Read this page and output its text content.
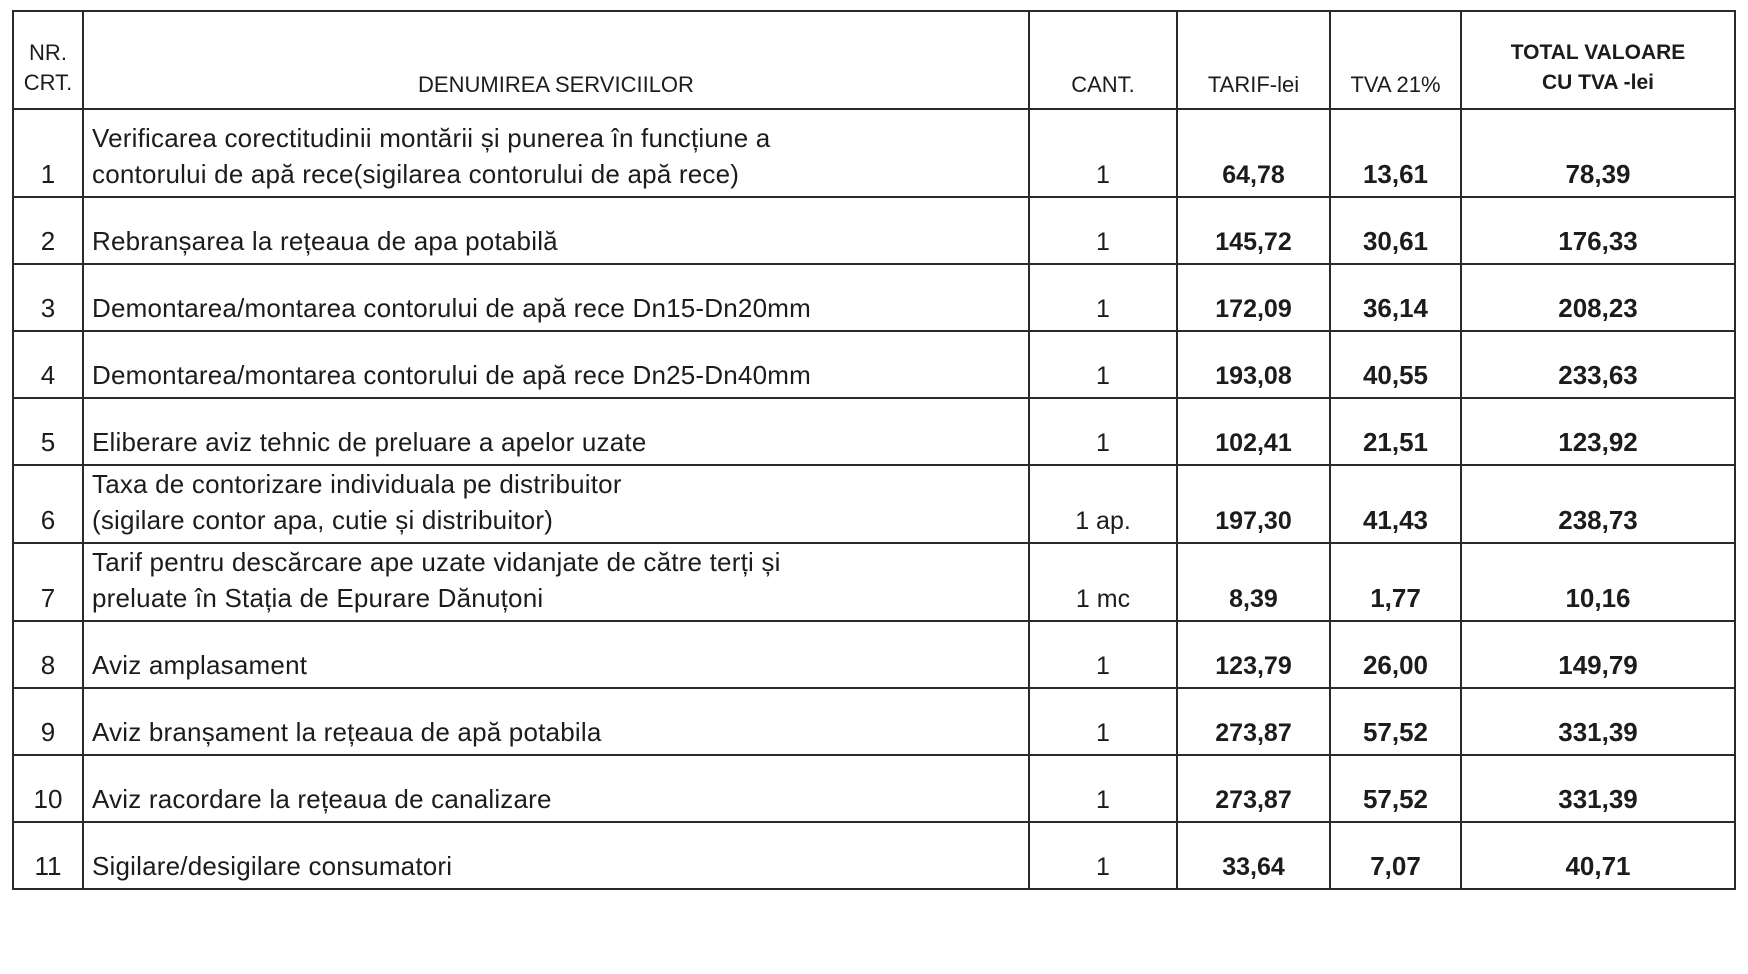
NR.
CRT.	DENUMIREA SERVICIILOR	CANT.	TARIF-lei	TVA 21%	TOTAL VALOARE
CU TVA -lei

1	Verificarea corectitudinii montării și punerea în funcțiune a
contorului de apă rece(sigilarea contorului de apă rece)	1	64,78	13,61	78,39
2	Rebranșarea la rețeaua de apa potabilă	1	145,72	30,61	176,33
3	Demontarea/montarea contorului de apă rece Dn15-Dn20mm	1	172,09	36,14	208,23
4	Demontarea/montarea contorului de apă rece Dn25-Dn40mm	1	193,08	40,55	233,63
5	Eliberare aviz tehnic de preluare a apelor uzate	1	102,41	21,51	123,92
6	Taxa de contorizare individuala pe distribuitor
(sigilare contor apa, cutie și distribuitor)	1 ap.	197,30	41,43	238,73
7	Tarif pentru descărcare ape uzate vidanjate de către terți și
preluate în Stația de Epurare Dănuțoni	1 mc	8,39	1,77	10,16
8	Aviz amplasament	1	123,79	26,00	149,79
9	Aviz branșament la rețeaua de apă potabila	1	273,87	57,52	331,39
10	Aviz racordare la rețeaua de canalizare	1	273,87	57,52	331,39
11	Sigilare/desigilare consumatori	1	33,64	7,07	40,71
